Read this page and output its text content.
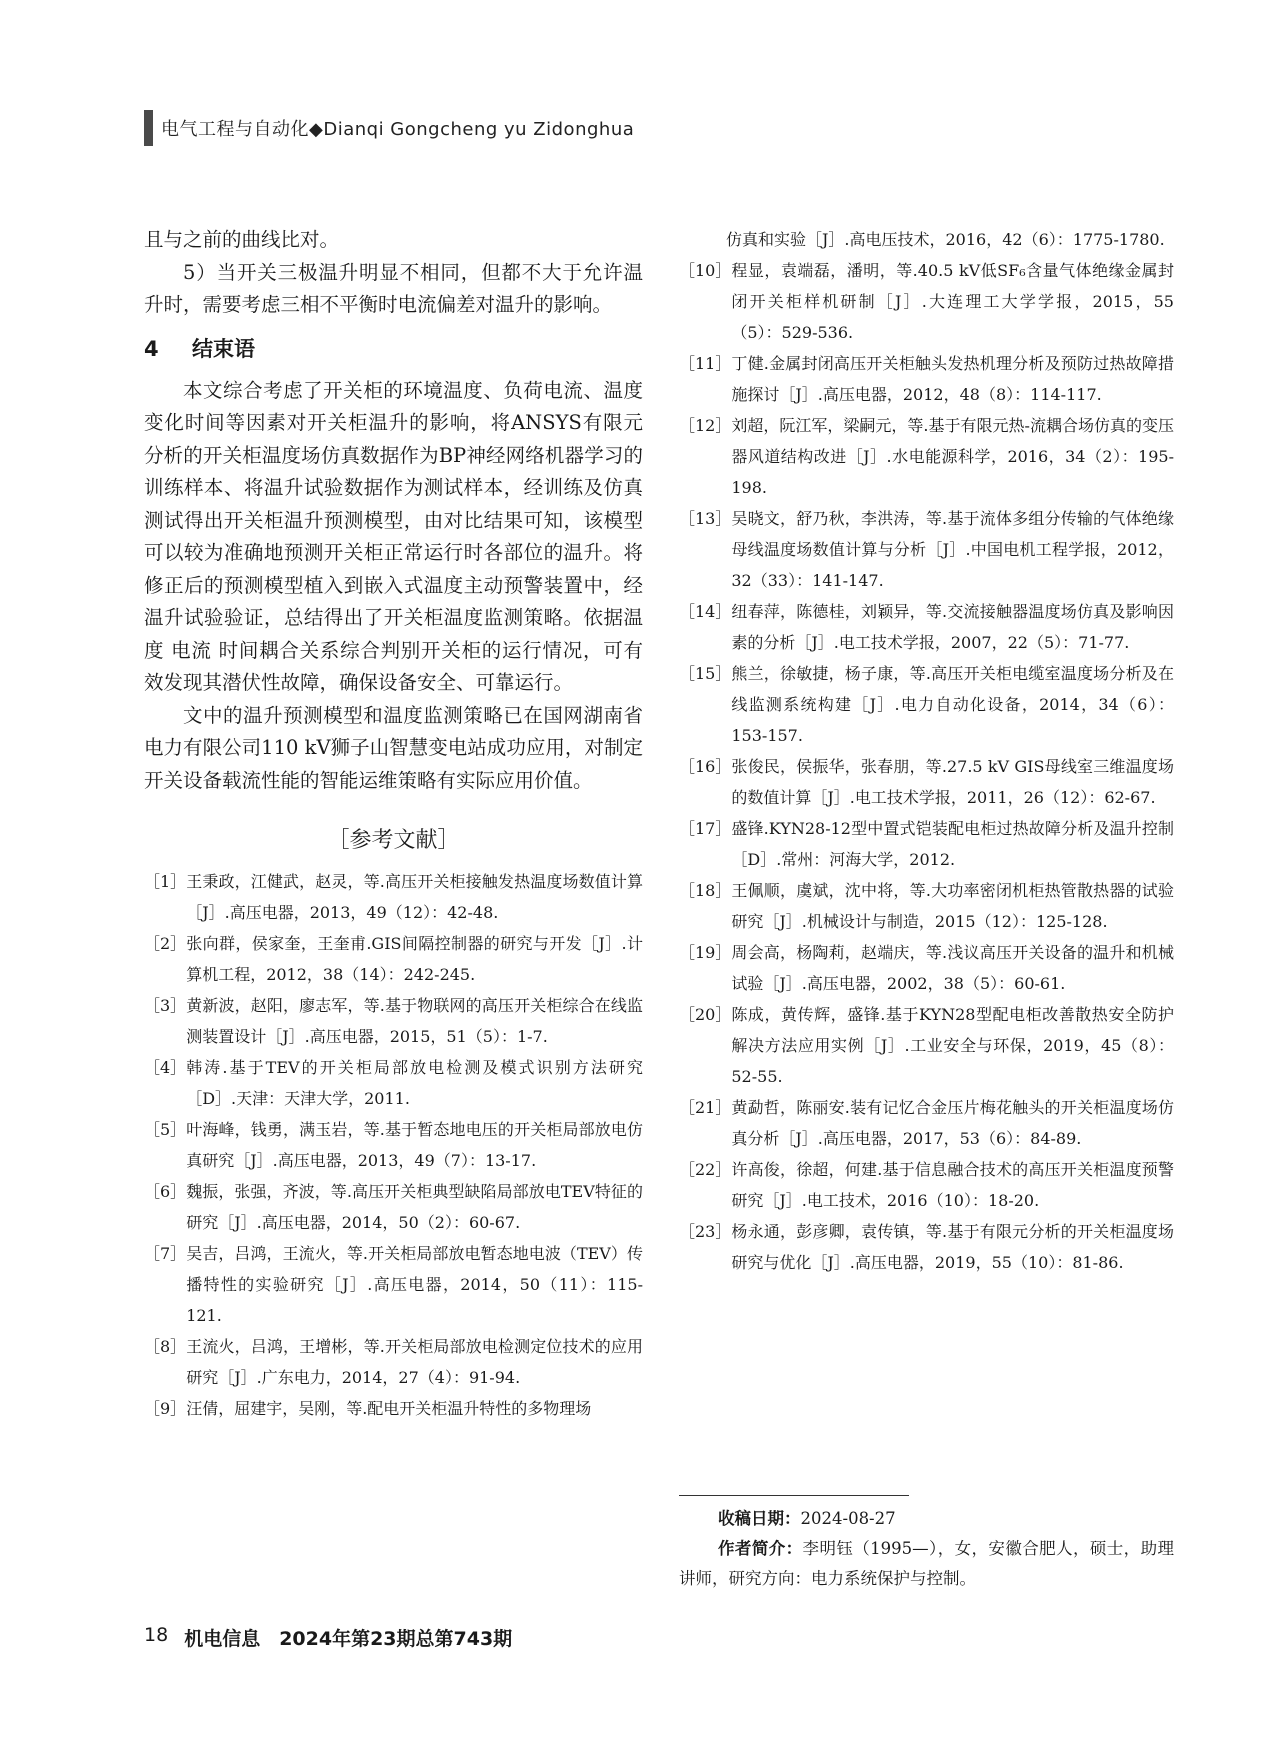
电气工程与自动化◆Dianqi Gongcheng yu Zidonghua

且与之前的曲线比对。

5）当开关三极温升明显不相同，但都不大于允许温升时，需要考虑三相不平衡时电流偏差对温升的影响。

4 结束语

本文综合考虑了开关柜的环境温度、负荷电流、温度变化时间等因素对开关柜温升的影响，将ANSYS有限元分析的开关柜温度场仿真数据作为BP神经网络机器学习的训练样本、将温升试验数据作为测试样本，经训练及仿真测试得出开关柜温升预测模型，由对比结果可知，该模型可以较为准确地预测开关柜正常运行时各部位的温升。将修正后的预测模型植入到嵌入式温度主动预警装置中，经温升试验验证，总结得出了开关柜温度监测策略。依据温度 电流 时间耦合关系综合判别开关柜的运行情况，可有效发现其潜伏性故障，确保设备安全、可靠运行。

文中的温升预测模型和温度监测策略已在国网湖南省电力有限公司110 kV狮子山智慧变电站成功应用，对制定开关设备载流性能的智能运维策略有实际应用价值。

［参考文献］
［1］ 王秉政，江健武，赵灵，等.高压开关柜接触发热温度场数值计算［J］.高压电器，2013，49（12）：42-48.
［2］ 张向群，侯家奎，王奎甫.GIS间隔控制器的研究与开发［J］.计算机工程，2012，38（14）：242-245.
［3］ 黄新波，赵阳，廖志军，等.基于物联网的高压开关柜综合在线监测装置设计［J］.高压电器，2015，51（5）：1-7.
［4］ 韩涛.基于TEV的开关柜局部放电检测及模式识别方法研究［D］.天津：天津大学，2011.
［5］ 叶海峰，钱勇，满玉岩，等.基于暂态地电压的开关柜局部放电仿真研究［J］.高压电器，2013，49（7）：13-17.
［6］ 魏振，张强，齐波，等.高压开关柜典型缺陷局部放电TEV特征的研究［J］.高压电器，2014，50（2）：60-67.
［7］ 吴吉，吕鸿，王流火，等.开关柜局部放电暂态地电波（TEV）传播特性的实验研究［J］.高压电器，2014，50（11）：115-121.
［8］ 王流火，吕鸿，王增彬，等.开关柜局部放电检测定位技术的应用研究［J］.广东电力，2014，27（4）：91-94.
［9］ 汪倩，屈建宇，吴刚，等.配电开关柜温升特性的多物理场

仿真和实验［J］.高电压技术，2016，42（6）：1775-1780.

［10］ 程显，袁端磊，潘明，等.40.5 kV低SF₆含量气体绝缘金属封闭开关柜样机研制［J］.大连理工大学学报，2015，55（5）：529-536.
［11］ 丁健.金属封闭高压开关柜触头发热机理分析及预防过热故障措施探讨［J］.高压电器，2012，48（8）：114-117.
［12］ 刘超，阮江军，梁嗣元，等.基于有限元热-流耦合场仿真的变压器风道结构改进［J］.水电能源科学，2016，34（2）：195-198.
［13］ 吴晓文，舒乃秋，李洪涛，等.基于流体多组分传输的气体绝缘母线温度场数值计算与分析［J］.中国电机工程学报，2012，32（33）：141-147.
［14］ 纽春萍，陈德桂，刘颖异，等.交流接触器温度场仿真及影响因素的分析［J］.电工技术学报，2007，22（5）：71-77.
［15］ 熊兰，徐敏捷，杨子康，等.高压开关柜电缆室温度场分析及在线监测系统构建［J］.电力自动化设备，2014，34（6）：153-157.
［16］ 张俊民，侯振华，张春朋，等.27.5 kV GIS母线室三维温度场的数值计算［J］.电工技术学报，2011，26（12）：62-67.
［17］ 盛锋.KYN28-12型中置式铠装配电柜过热故障分析及温升控制［D］.常州：河海大学，2012.
［18］ 王佩顺，虞斌，沈中将，等.大功率密闭机柜热管散热器的试验研究［J］.机械设计与制造，2015（12）：125-128.
［19］ 周会高，杨陶莉，赵端庆，等.浅议高压开关设备的温升和机械试验［J］.高压电器，2002，38（5）：60-61.
［20］ 陈成，黄传辉，盛锋.基于KYN28型配电柜改善散热安全防护解决方法应用实例［J］.工业安全与环保，2019，45（8）：52-55.
［21］ 黄勐哲，陈丽安.装有记忆合金压片梅花触头的开关柜温度场仿真分析［J］.高压电器，2017，53（6）：84-89.
［22］ 许高俊，徐超，何建.基于信息融合技术的高压开关柜温度预警研究［J］.电工技术，2016（10）：18-20.
［23］ 杨永通，彭彦卿，袁传镇，等.基于有限元分析的开关柜温度场研究与优化［J］.高压电器，2019，55（10）：81-86.

收稿日期：2024-08-27

作者简介：李明钰（1995—），女，安徽合肥人，硕士，助理讲师，研究方向：电力系统保护与控制。

18 机电信息　2024年第23期总第743期
